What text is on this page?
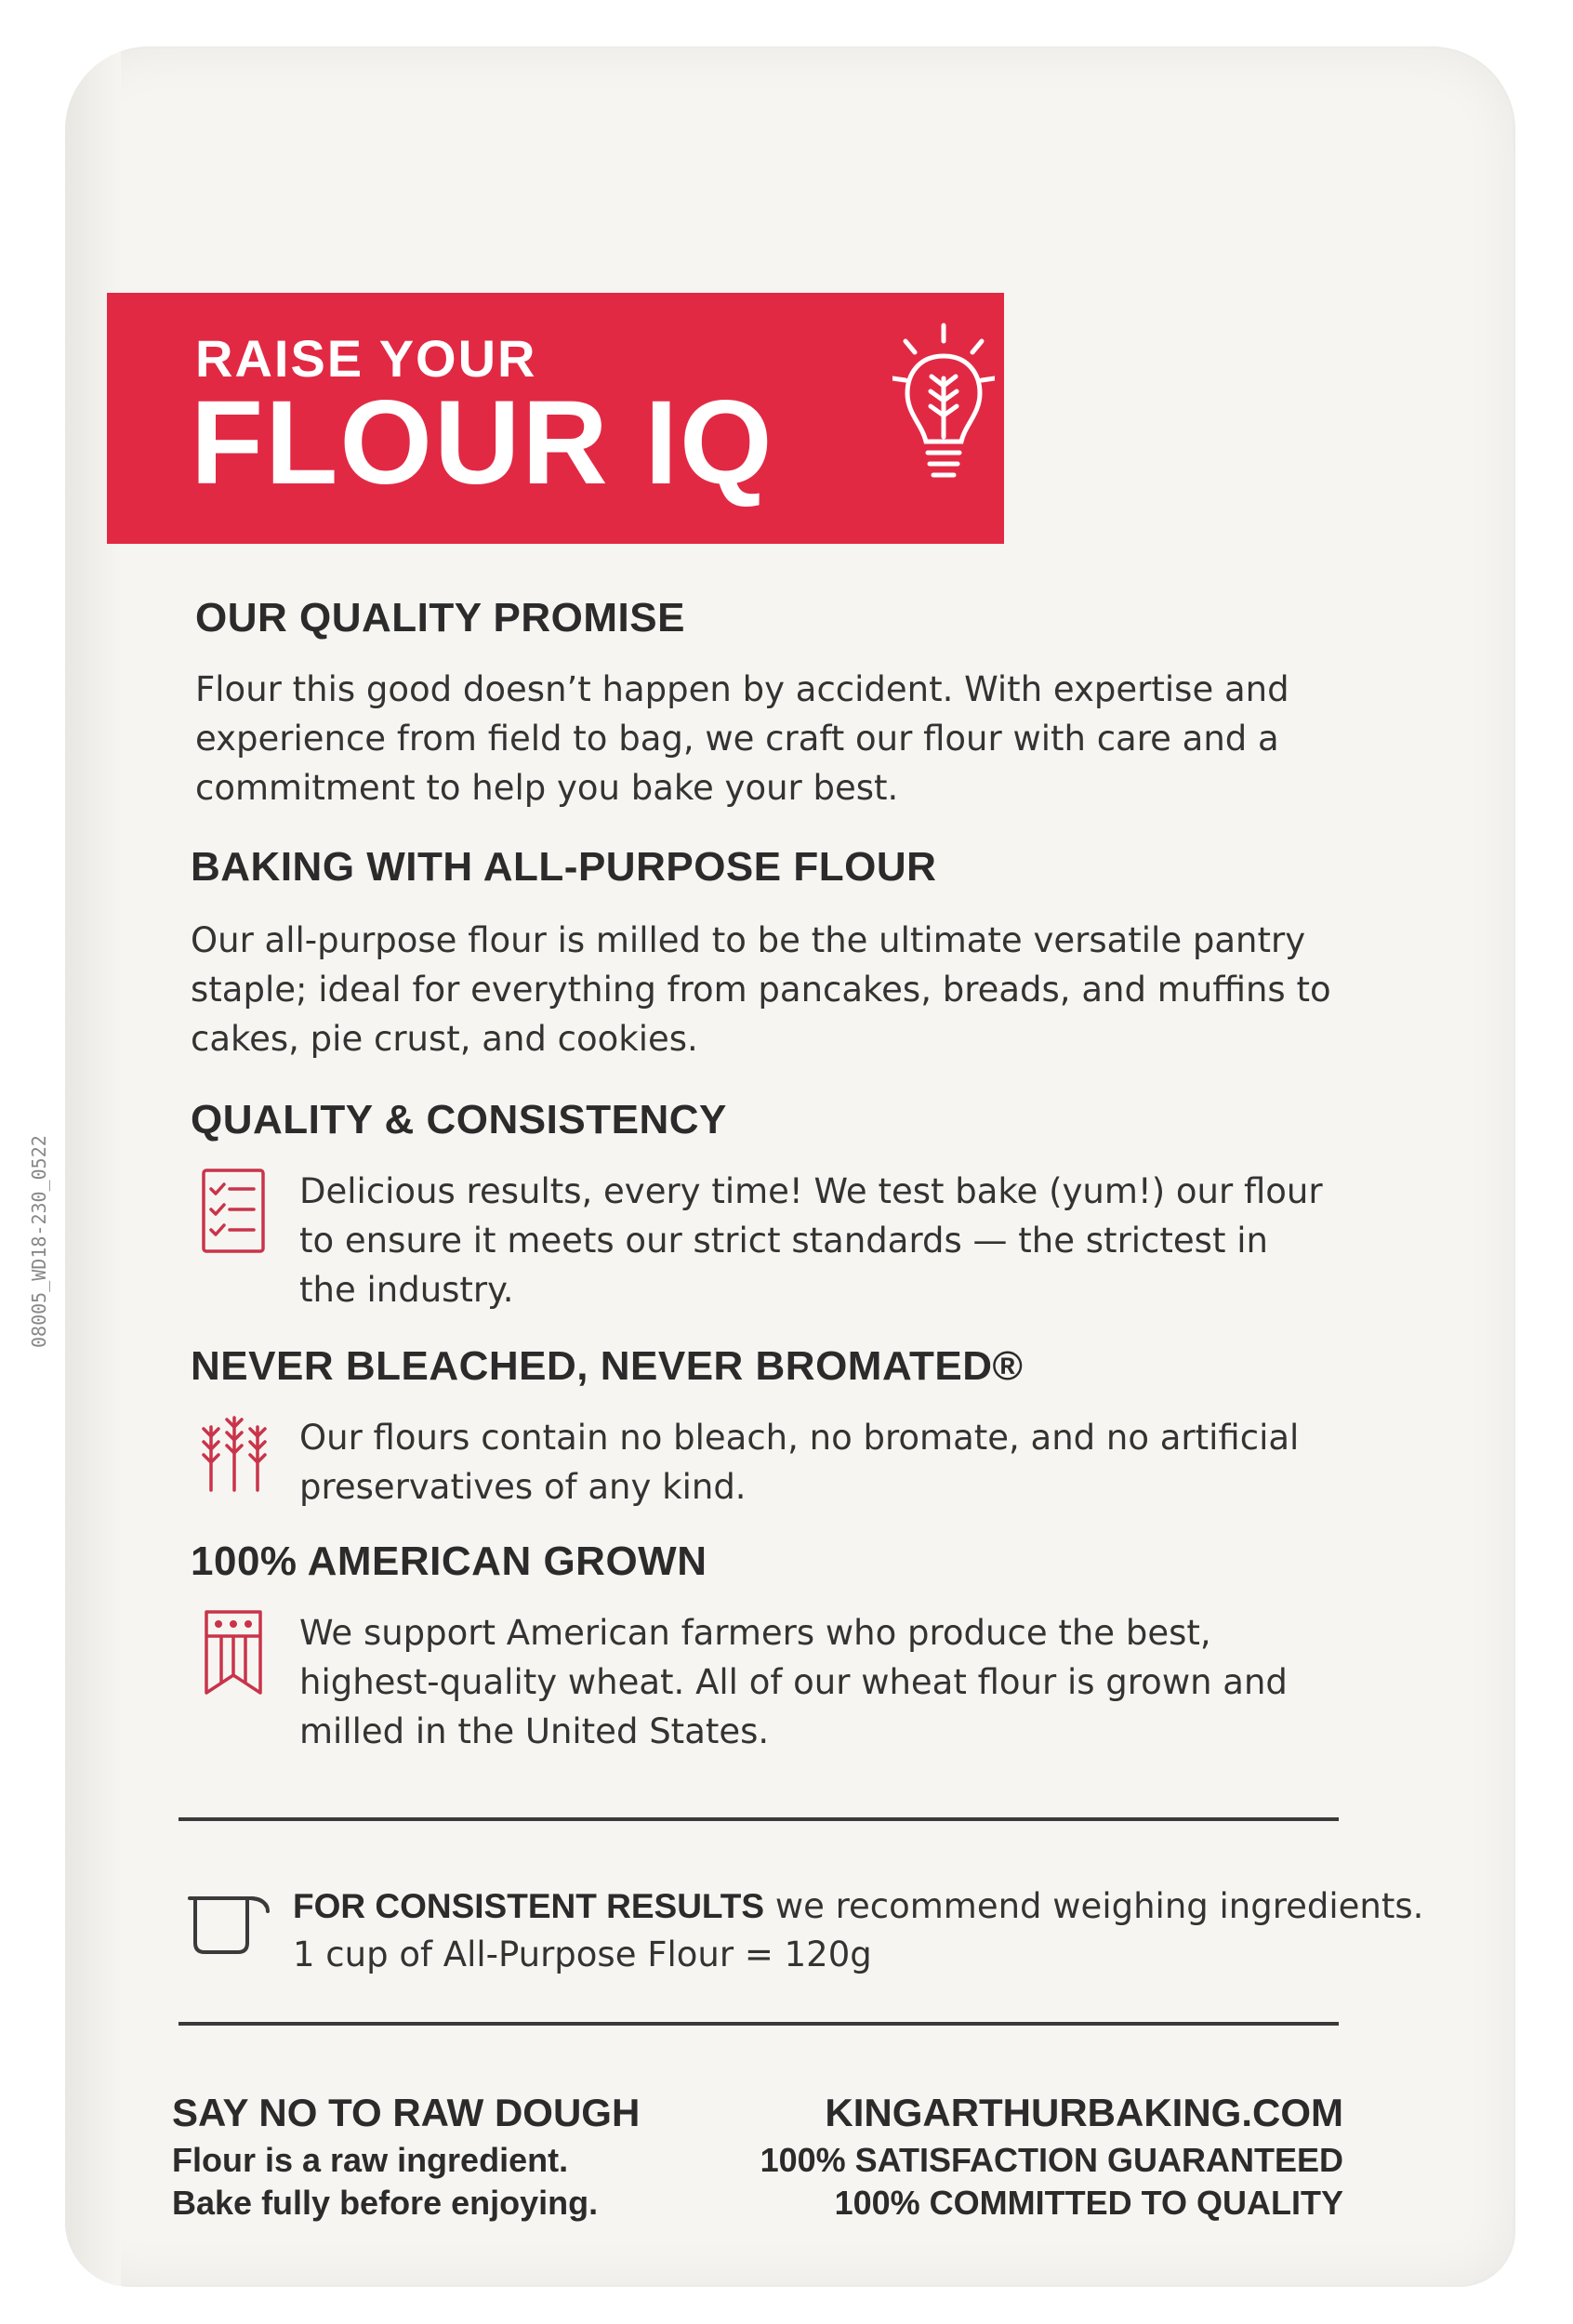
08005_WD18-230_0522
RAISE YOUR
FLOUR IQ
OUR QUALITY PROMISE
Flour this good doesn’t happen by accident. With expertise and
experience from field to bag, we craft our flour with care and a
commitment to help you bake your best.
BAKING WITH ALL-PURPOSE FLOUR
Our all-purpose flour is milled to be the ultimate versatile pantry
staple; ideal for everything from pancakes, breads, and muffins to
cakes, pie crust, and cookies.
QUALITY & CONSISTENCY
Delicious results, every time! We test bake (yum!) our flour
to ensure it meets our strict standards — the strictest in
the industry.
NEVER BLEACHED, NEVER BROMATED®
Our flours contain no bleach, no bromate, and no artificial
preservatives of any kind.
100% AMERICAN GROWN
We support American farmers who produce the best,
highest-quality wheat. All of our wheat flour is grown and
milled in the United States.
FOR CONSISTENT RESULTS we recommend weighing ingredients.
1 cup of All-Purpose Flour = 120g
SAY NO TO RAW DOUGH
Flour is a raw ingredient.
Bake fully before enjoying.
KINGARTHURBAKING.COM
100% SATISFACTION GUARANTEED
100% COMMITTED TO QUALITY
